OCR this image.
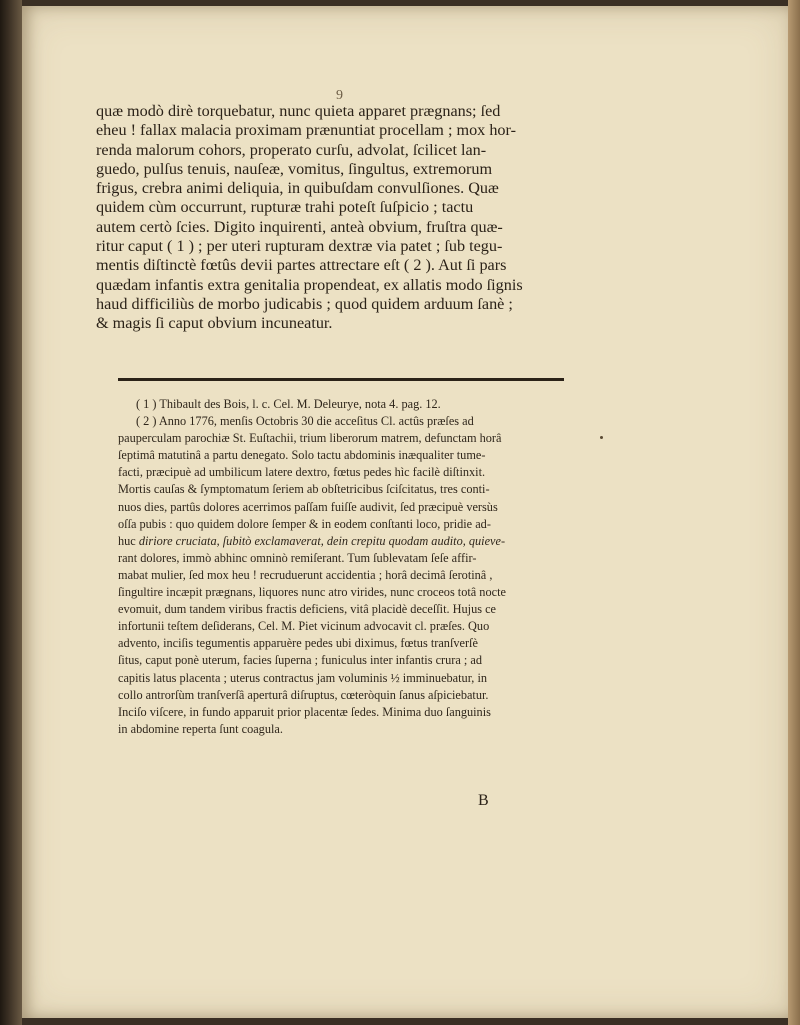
9
quæ modò dirè torquebatur, nunc quieta apparet prægnans; ſed
eheu ! fallax malacia proximam prænuntiat procellam ; mox hor-
renda malorum cohors, properato curſu, advolat, ſcilicet lan-
guedo, pulſus tenuis, nauſeæ, vomitus, ſingultus, extremorum
frigus, crebra animi deliquia, in quibuſdam convulſiones. Quæ
quidem cùm occurrunt, rupturæ trahi poteſt ſuſpicio ; tactu
autem certò ſcies. Digito inquirenti, anteà obvium, fruſtra quæ-
ritur caput ( 1 ) ; per uteri rupturam dextræ via patet ; ſub tegu-
mentis diſtinctè fœtûs devii partes attrectare eſt ( 2 ). Aut ſi pars
quædam infantis extra genitalia propendeat, ex allatis modo ſignis
haud difficiliùs de morbo judicabis ; quod quidem arduum ſanè ;
& magis ſi caput obvium incuneatur.
( 1 ) Thibault des Bois, l. c. Cel. M. Deleurye, nota 4. pag. 12.
( 2 ) Anno 1776, menſis Octobris 30 die acceſitus Cl. actûs præſes ad
pauperculam parochiæ St. Euſtachii, trium liberorum matrem, defunctam horâ
ſeptimâ matutinâ a partu denegato. Solo tactu abdominis inæqualiter tume-
facti, præcipuè ad umbilicum latere dextro, fœtus pedes hìc facilè diſtinxit.
Mortis cauſas & ſymptomatum ſeriem ab obſtetricibus ſciſcitatus, tres conti-
nuos dies, partûs dolores acerrimos paſſam fuiſſe audivit, ſed præcipuè versùs
oſſa pubis : quo quidem dolore ſemper & in eodem conſtanti loco, pridie ad-
huc diriore cruciata, ſubitò exclamaverat, dein crepitu quodam audito, quieve-
rant dolores, immò abhinc omninò remiſerant. Tum ſublevatam ſeſe affir-
mabat mulier, ſed mox heu ! recruduerunt accidentia ; horâ decimâ ſerotinâ ,
ſingultire incæpit prægnans, liquores nunc atro virides, nunc croceos totâ nocte
evomuit, dum tandem viribus fractis deficiens, vitâ placidè deceſſit. Hujus ce
infortunii teſtem deſiderans, Cel. M. Piet vicinum advocavit cl. præſes. Quo
advento, inciſis tegumentis apparuère pedes ubi diximus, fœtus tranſverſè
ſitus, caput ponè uterum, facies ſuperna ; funiculus inter infantis crura ; ad
capitis latus placenta ; uterus contractus jam voluminis ½ imminuebatur, in
collo antrorſùm tranſverſâ aperturâ diſruptus, cœteròquin ſanus aſpiciebatur.
Inciſo viſcere, in fundo apparuit prior placentæ ſedes. Minima duo ſanguinis
in abdomine reperta ſunt coagula.
B
